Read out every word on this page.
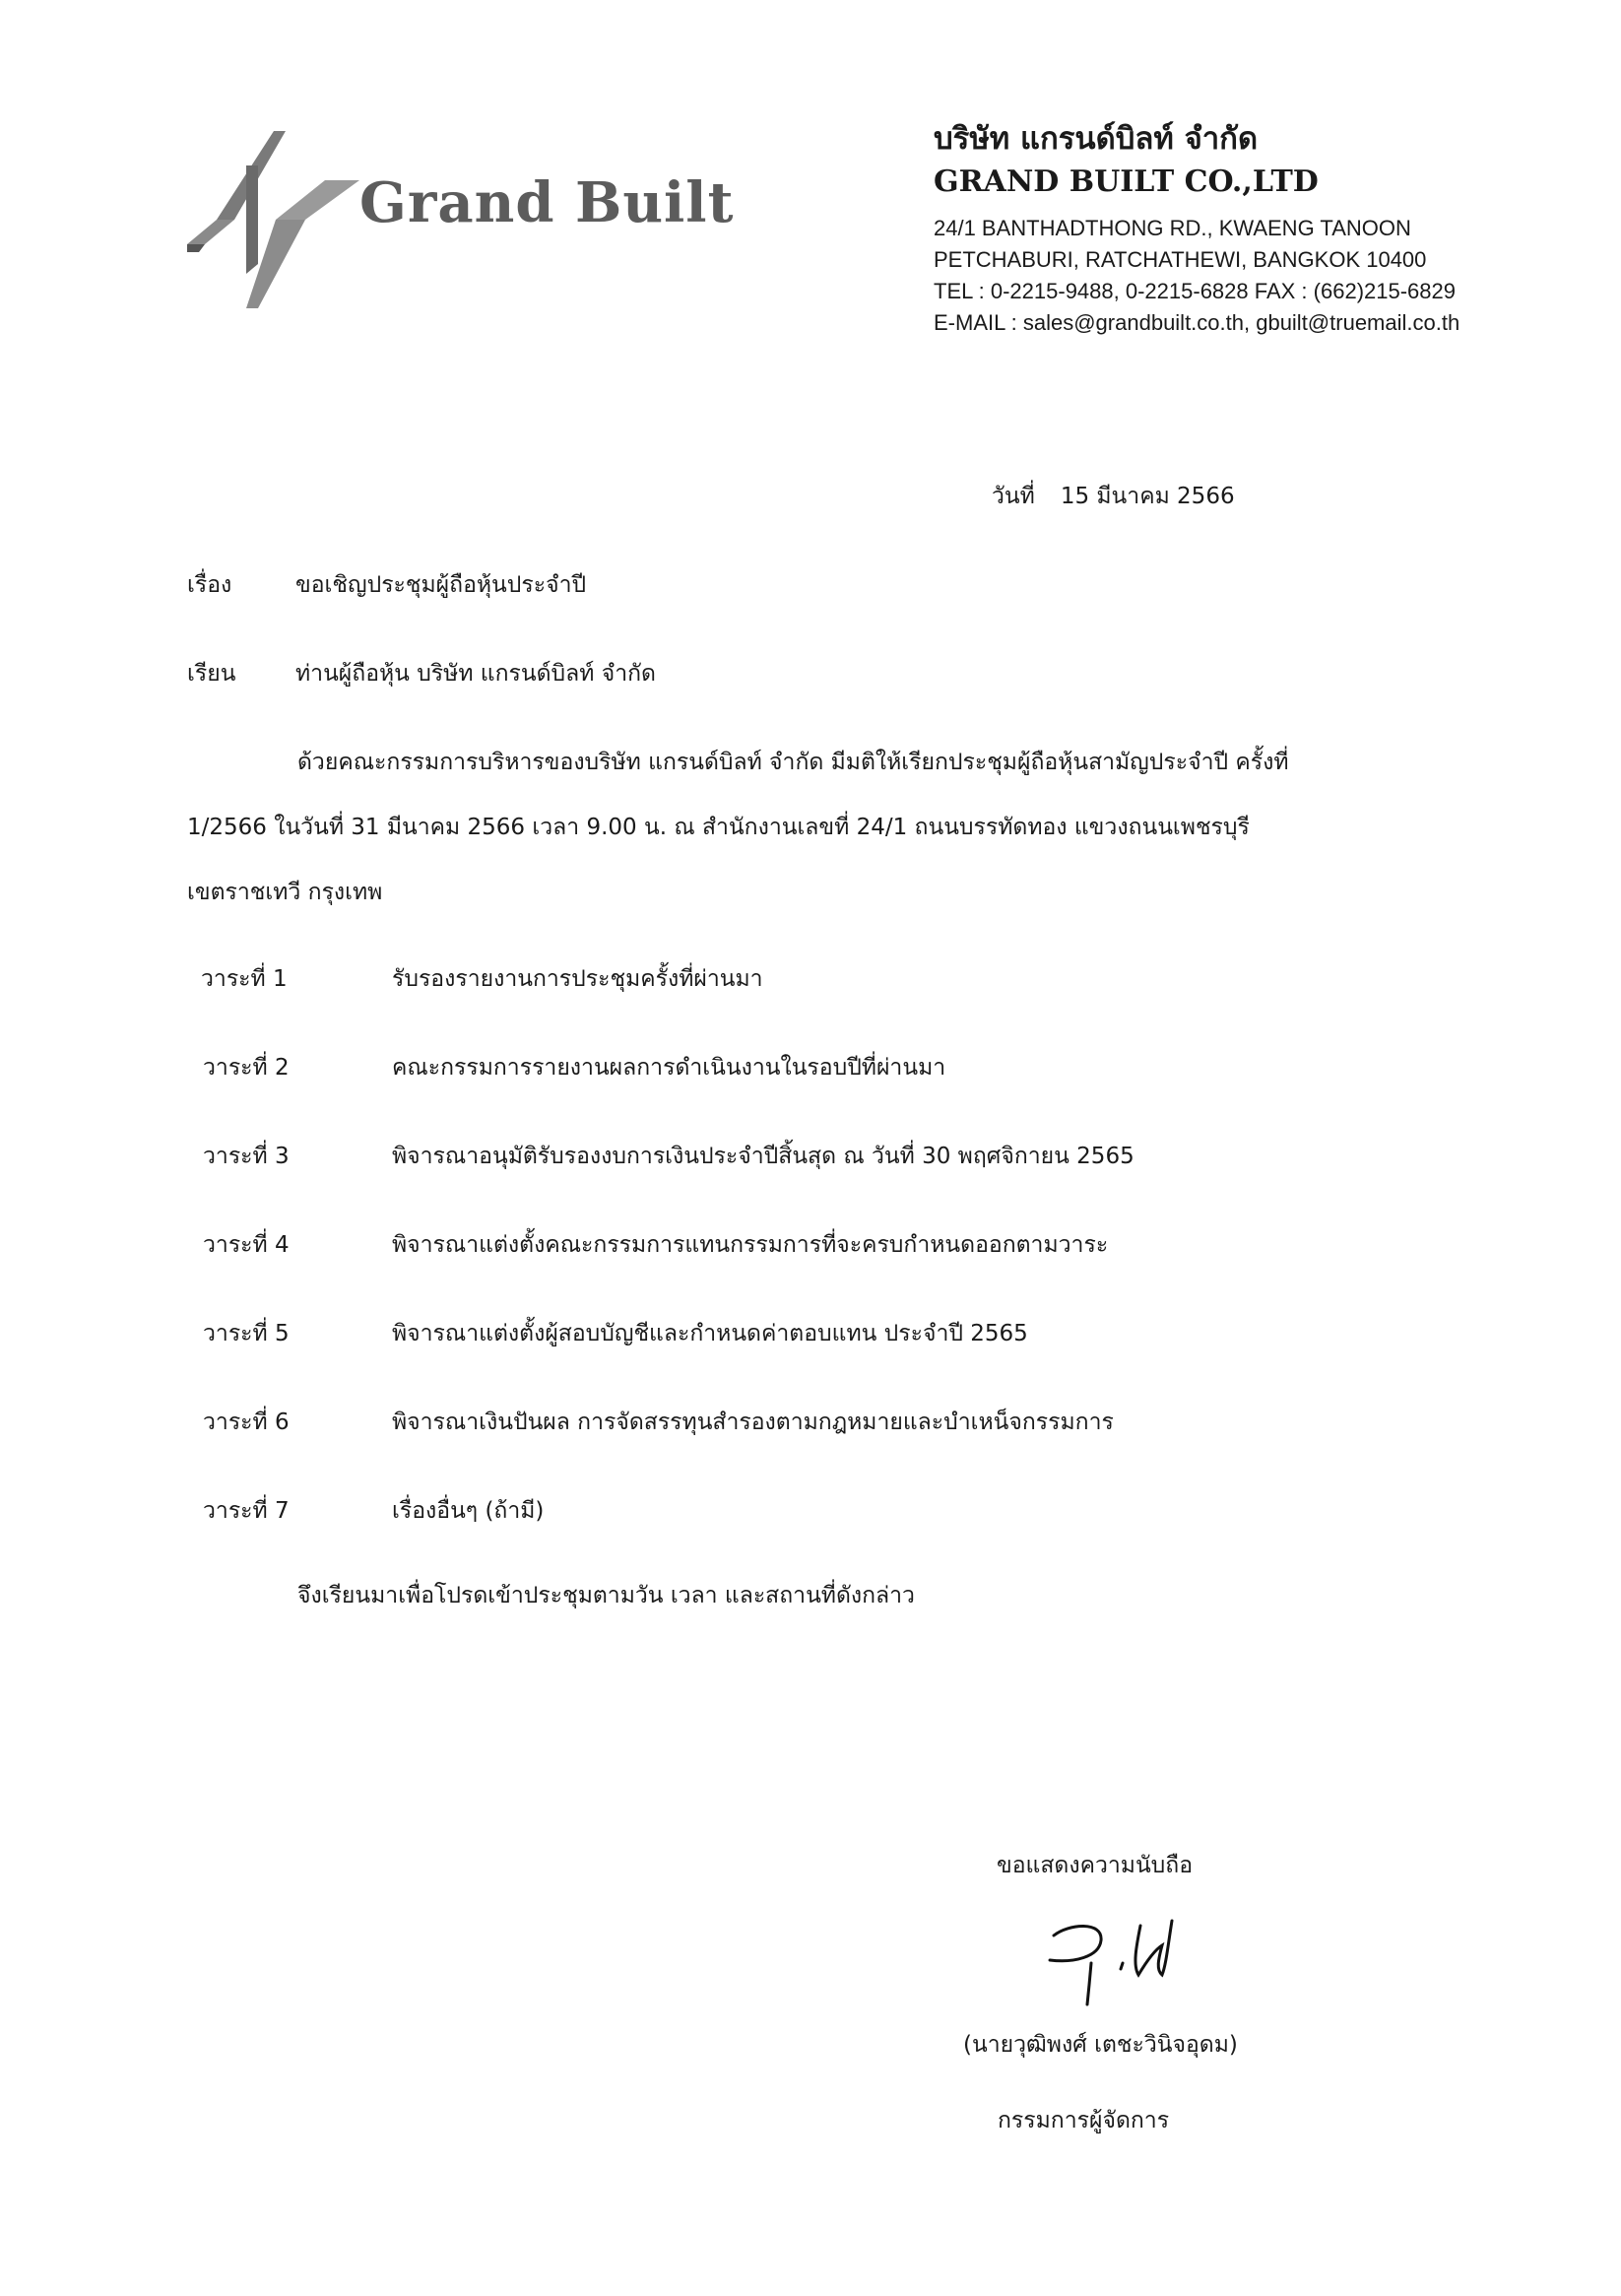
Grand Built
บริษัท แกรนด์บิลท์ จำกัด
GRAND BUILT CO.,LTD
24/1 BANTHADTHONG RD., KWAENG TANOON
PETCHABURI, RATCHATHEWI, BANGKOK 10400
TEL : 0-2215-9488, 0-2215-6828 FAX : (662)215-6829
E-MAIL : sales@grandbuilt.co.th, gbuilt@truemail.co.th
วันที่ 15 มีนาคม 2566
เรื่อง	ขอเชิญประชุมผู้ถือหุ้นประจำปี
เรียน	ท่านผู้ถือหุ้น บริษัท แกรนด์บิลท์ จำกัด
ด้วยคณะกรรมการบริหารของบริษัท แกรนด์บิลท์ จำกัด มีมติให้เรียกประชุมผู้ถือหุ้นสามัญประจำปี ครั้งที่
1/2566 ในวันที่ 31 มีนาคม 2566 เวลา 9.00 น. ณ สำนักงานเลขที่ 24/1 ถนนบรรทัดทอง แขวงถนนเพชรบุรี
เขตราชเทวี กรุงเทพ
วาระที่ 1	รับรองรายงานการประชุมครั้งที่ผ่านมา
วาระที่ 2	คณะกรรมการรายงานผลการดำเนินงานในรอบปีที่ผ่านมา
วาระที่ 3	พิจารณาอนุมัติรับรองงบการเงินประจำปีสิ้นสุด ณ วันที่ 30 พฤศจิกายน 2565
วาระที่ 4	พิจารณาแต่งตั้งคณะกรรมการแทนกรรมการที่จะครบกำหนดออกตามวาระ
วาระที่ 5	พิจารณาแต่งตั้งผู้สอบบัญชีและกำหนดค่าตอบแทน ประจำปี 2565
วาระที่ 6	พิจารณาเงินปันผล การจัดสรรทุนสำรองตามกฎหมายและบำเหน็จกรรมการ
วาระที่ 7	เรื่องอื่นๆ (ถ้ามี)
จึงเรียนมาเพื่อโปรดเข้าประชุมตามวัน เวลา และสถานที่ดังกล่าว
ขอแสดงความนับถือ
(นายวุฒิพงศ์ เตชะวินิจอุดม)
กรรมการผู้จัดการ
